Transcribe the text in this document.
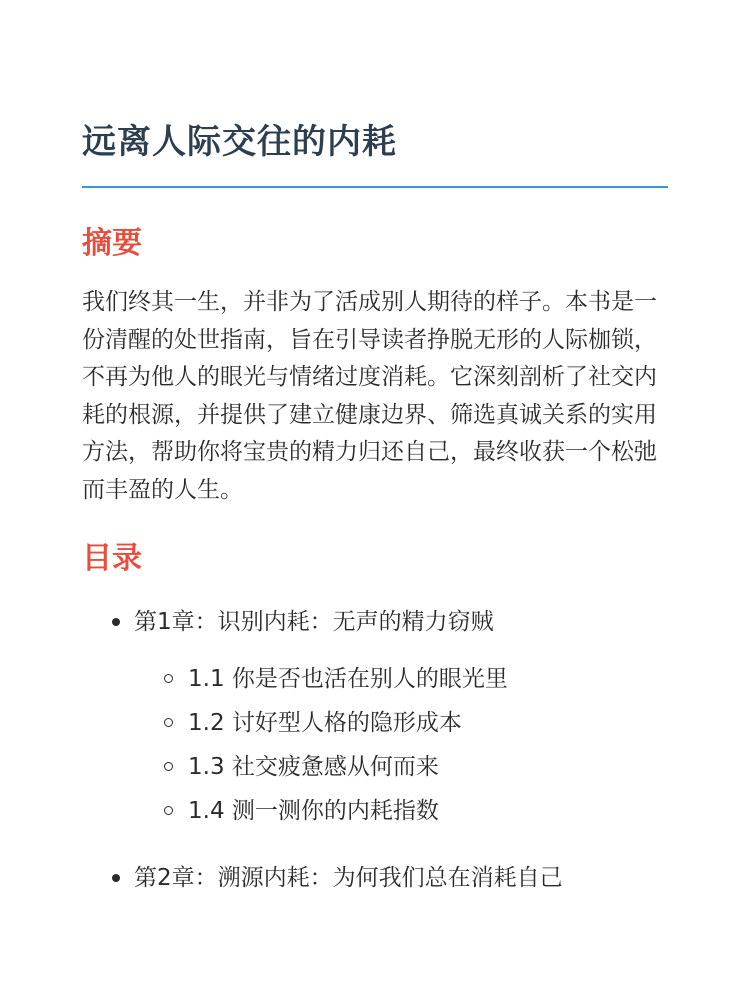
远离人际交往的内耗
摘要

我们终其一生，并非为了活成别人期待的样子。本书是一份清醒的处世指南，旨在引导读者挣脱无形的人际枷锁，不再为他人的眼光与情绪过度消耗。它深刻剖析了社交内耗的根源，并提供了建立健康边界、筛选真诚关系的实用方法，帮助你将宝贵的精力归还自己，最终收获一个松弛而丰盈的人生。

目录
第1章：识别内耗：无声的精力窃贼
1.1 你是否也活在别人的眼光里
1.2 讨好型人格的隐形成本
1.3 社交疲惫感从何而来
1.4 测一测你的内耗指数
第2章：溯源内耗：为何我们总在消耗自己
